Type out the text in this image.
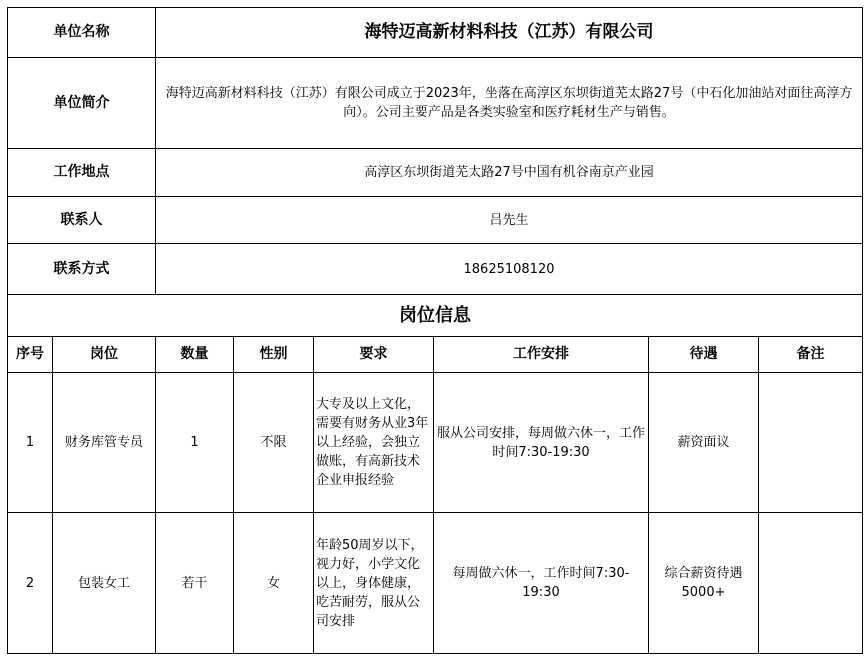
单位名称		海特迈高新材料科技（江苏）有限公司					
单位简介		海特迈高新材料科技（江苏）有限公司成立于2023年，坐落在高淳区东坝街道芜太路27号（中石化加油站对面往高淳方向）。公司主要产品是各类实验室和医疗耗材生产与销售。					
工作地点		高淳区东坝街道芜太路27号中国有机谷南京产业园					
联系人		吕先生					
联系方式		18625108120					
岗位信息							
序号	岗位	数量	性别	要求	工作安排	待遇	备注
1	财务库管专员	1	不限	大专及以上文化，需要有财务从业3年以上经验，会独立做账，有高新技术企业申报经验	服从公司安排，每周做六休一，工作时间7:30-19:30	薪资面议	
2	包装女工	若干	女	年龄50周岁以下，视力好，小学文化以上，身体健康，吃苦耐劳，服从公司安排	每周做六休一，工作时间7:30-19:30	综合薪资待遇5000+	
